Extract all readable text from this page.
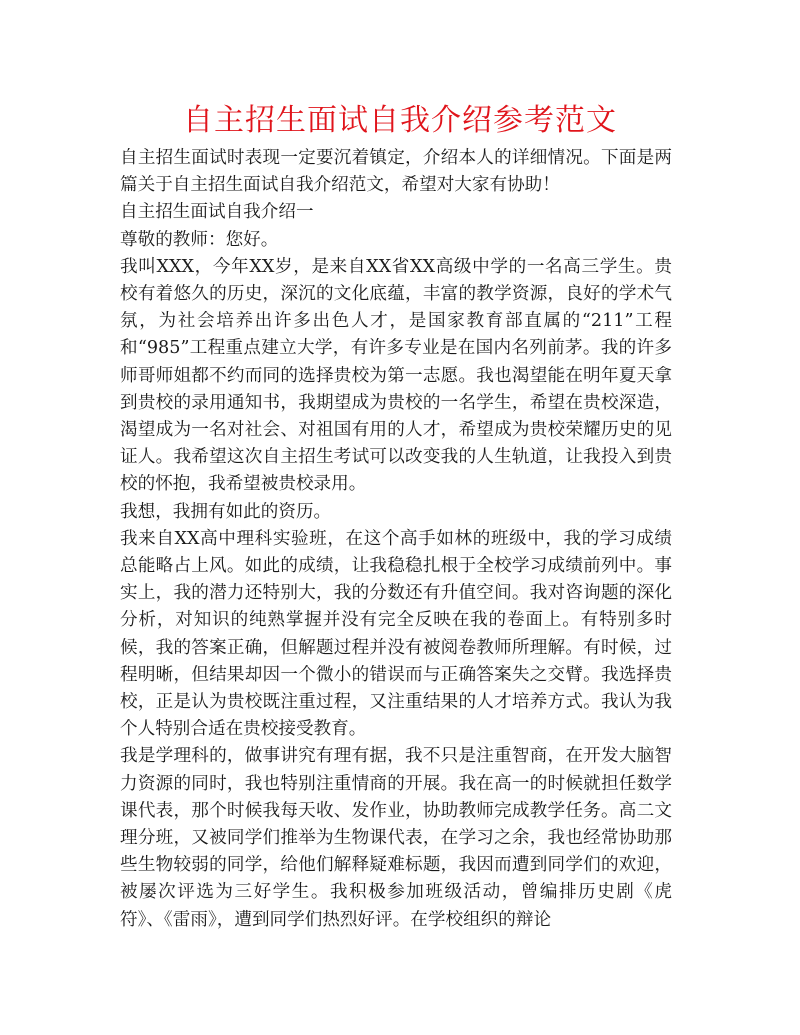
自主招生面试自我介绍参考范文

自主招生面试时表现一定要沉着镇定，介绍本人的详细情况。下面是两篇关于自主招生面试自我介绍范文，希望对大家有协助！

自主招生面试自我介绍一

尊敬的教师：您好。

我叫XXX，今年XX岁，是来自XX省XX高级中学的一名高三学生。贵校有着悠久的历史，深沉的文化底蕴，丰富的教学资源，良好的学术气氛，为社会培养出许多出色人才，是国家教育部直属的“211”工程和“985”工程重点建立大学，有许多专业是在国内名列前茅。我的许多师哥师姐都不约而同的选择贵校为第一志愿。我也渴望能在明年夏天拿到贵校的录用通知书，我期望成为贵校的一名学生，希望在贵校深造，渴望成为一名对社会、对祖国有用的人才，希望成为贵校荣耀历史的见证人。我希望这次自主招生考试可以改变我的人生轨道，让我投入到贵校的怀抱，我希望被贵校录用。

我想，我拥有如此的资历。

我来自XX高中理科实验班，在这个高手如林的班级中，我的学习成绩总能略占上风。如此的成绩，让我稳稳扎根于全校学习成绩前列中。事实上，我的潜力还特别大，我的分数还有升值空间。我对咨询题的深化分析，对知识的纯熟掌握并没有完全反映在我的卷面上。有特别多时候，我的答案正确，但解题过程并没有被阅卷教师所理解。有时候，过程明晰，但结果却因一个微小的错误而与正确答案失之交臂。我选择贵校，正是认为贵校既注重过程，又注重结果的人才培养方式。我认为我个人特别合适在贵校接受教育。

我是学理科的，做事讲究有理有据，我不只是注重智商，在开发大脑智力资源的同时，我也特别注重情商的开展。我在高一的时候就担任数学课代表，那个时候我每天收、发作业，协助教师完成教学任务。高二文理分班，又被同学们推举为生物课代表，在学习之余，我也经常协助那些生物较弱的同学，给他们解释疑难标题，我因而遭到同学们的欢迎，被屡次评选为三好学生。我积极参加班级活动，曾编排历史剧《虎符》、《雷雨》，遭到同学们热烈好评。在学校组织的辩论
